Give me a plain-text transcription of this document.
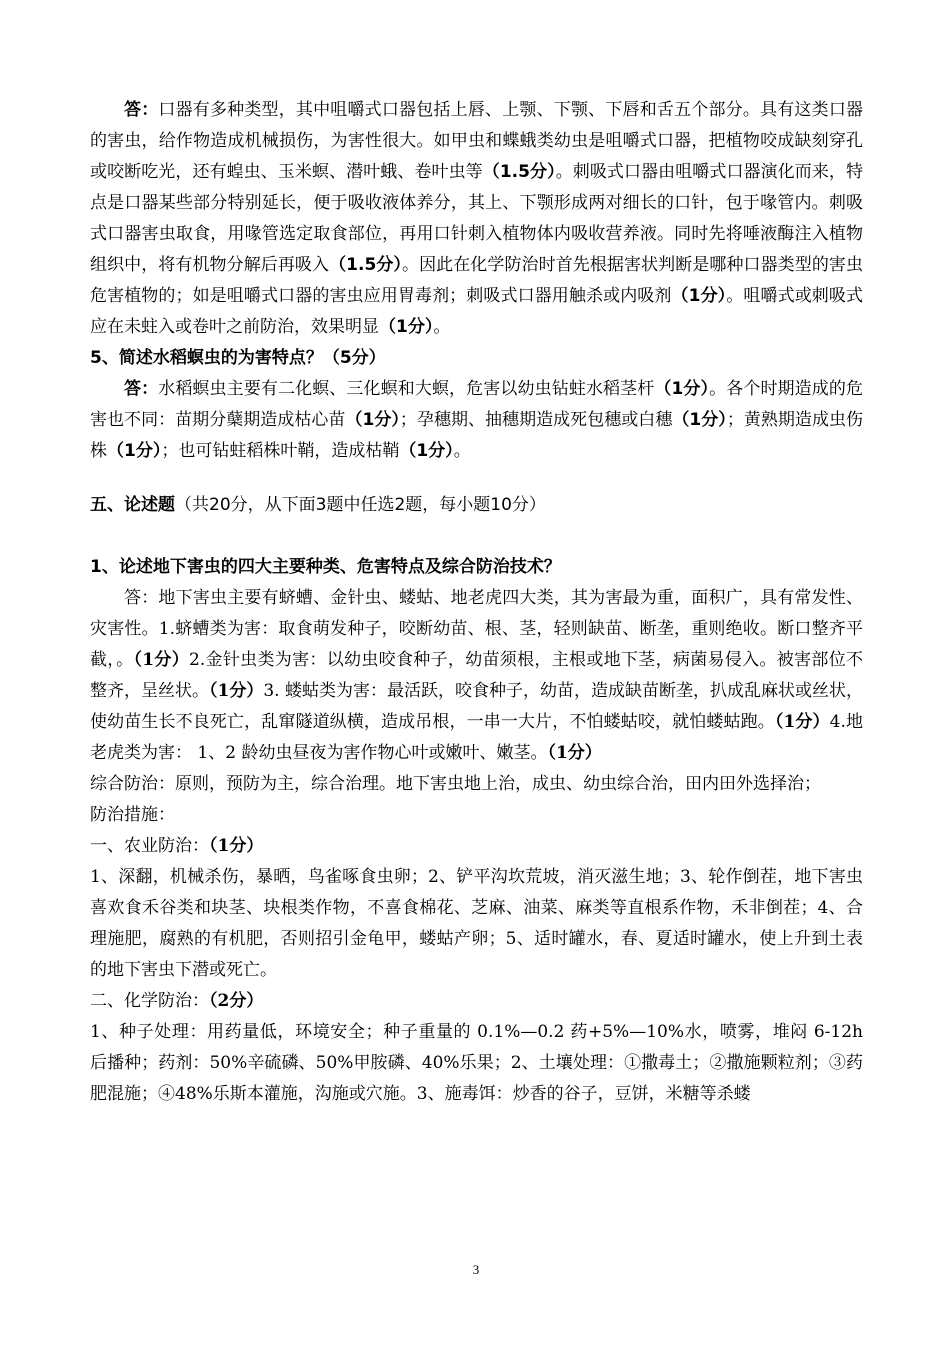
答：口器有多种类型，其中咀嚼式口器包括上唇、上颚、下颚、下唇和舌五个部分。具有这类口器的害虫，给作物造成机械损伤，为害性很大。如甲虫和蝶蛾类幼虫是咀嚼式口器，把植物咬成缺刻穿孔或咬断吃光，还有蝗虫、玉米螟、潜叶蛾、卷叶虫等（1.5分）。刺吸式口器由咀嚼式口器演化而来，特点是口器某些部分特别延长，便于吸收液体养分，其上、下颚形成两对细长的口针，包于喙管内。刺吸式口器害虫取食，用喙管选定取食部位，再用口针刺入植物体内吸收营养液。同时先将唾液酶注入植物组织中，将有机物分解后再吸入（1.5分）。因此在化学防治时首先根据害状判断是哪种口器类型的害虫危害植物的；如是咀嚼式口器的害虫应用胃毒剂；刺吸式口器用触杀或内吸剂（1分）。咀嚼式或刺吸式应在未蛀入或卷叶之前防治，效果明显（1分）。

5、简述水稻螟虫的为害特点？（5分）

答：水稻螟虫主要有二化螟、三化螟和大螟，危害以幼虫钻蛀水稻茎杆（1分）。各个时期造成的危害也不同：苗期分蘖期造成枯心苗（1分）；孕穗期、抽穗期造成死包穗或白穗（1分）；黄熟期造成虫伤株（1分）；也可钻蛀稻株叶鞘，造成枯鞘（1分）。

五、论述题（共20分，从下面3题中任选2题，每小题10分）

1、论述地下害虫的四大主要种类、危害特点及综合防治技术？

答：地下害虫主要有蛴螬、金针虫、蝼蛄、地老虎四大类，其为害最为重，面积广，具有常发性、灾害性。1.蛴螬类为害：取食萌发种子，咬断幼苗、根、茎，轻则缺苗、断垄，重则绝收。断口整齐平截，。（1分）2.金针虫类为害：以幼虫咬食种子，幼苗须根，主根或地下茎，病菌易侵入。被害部位不整齐，呈丝状。（1分）3. 蝼蛄类为害：最活跃，咬食种子，幼苗，造成缺苗断垄，扒成乱麻状或丝状，使幼苗生长不良死亡，乱窜隧道纵横，造成吊根，一串一大片，不怕蝼蛄咬，就怕蝼蛄跑。（1分）4.地老虎类为害： 1、2 龄幼虫昼夜为害作物心叶或嫩叶、嫩茎。（1分）

综合防治：原则，预防为主，综合治理。地下害虫地上治，成虫、幼虫综合治，田内田外选择治；

防治措施：

一、农业防治：（1分）

1、深翻，机械杀伤，暴晒，鸟雀啄食虫卵；2、铲平沟坎荒坡，消灭滋生地；3、轮作倒茬，地下害虫喜欢食禾谷类和块茎、块根类作物，不喜食棉花、芝麻、油菜、麻类等直根系作物，禾非倒茬；4、合理施肥，腐熟的有机肥，否则招引金龟甲，蝼蛄产卵；5、适时罐水，春、夏适时罐水，使上升到土表的地下害虫下潜或死亡。

二、化学防治：（2分）

1、种子处理：用药量低，环境安全；种子重量的 0.1%—0.2 药+5%—10%水，喷雾，堆闷 6-12h 后播种；药剂：50%辛硫磷、50%甲胺磷、40%乐果；2、土壤处理：①撒毒土；②撒施颗粒剂；③药肥混施；④48%乐斯本灌施，沟施或穴施。3、施毒饵：炒香的谷子，豆饼，米糖等杀蝼

3
